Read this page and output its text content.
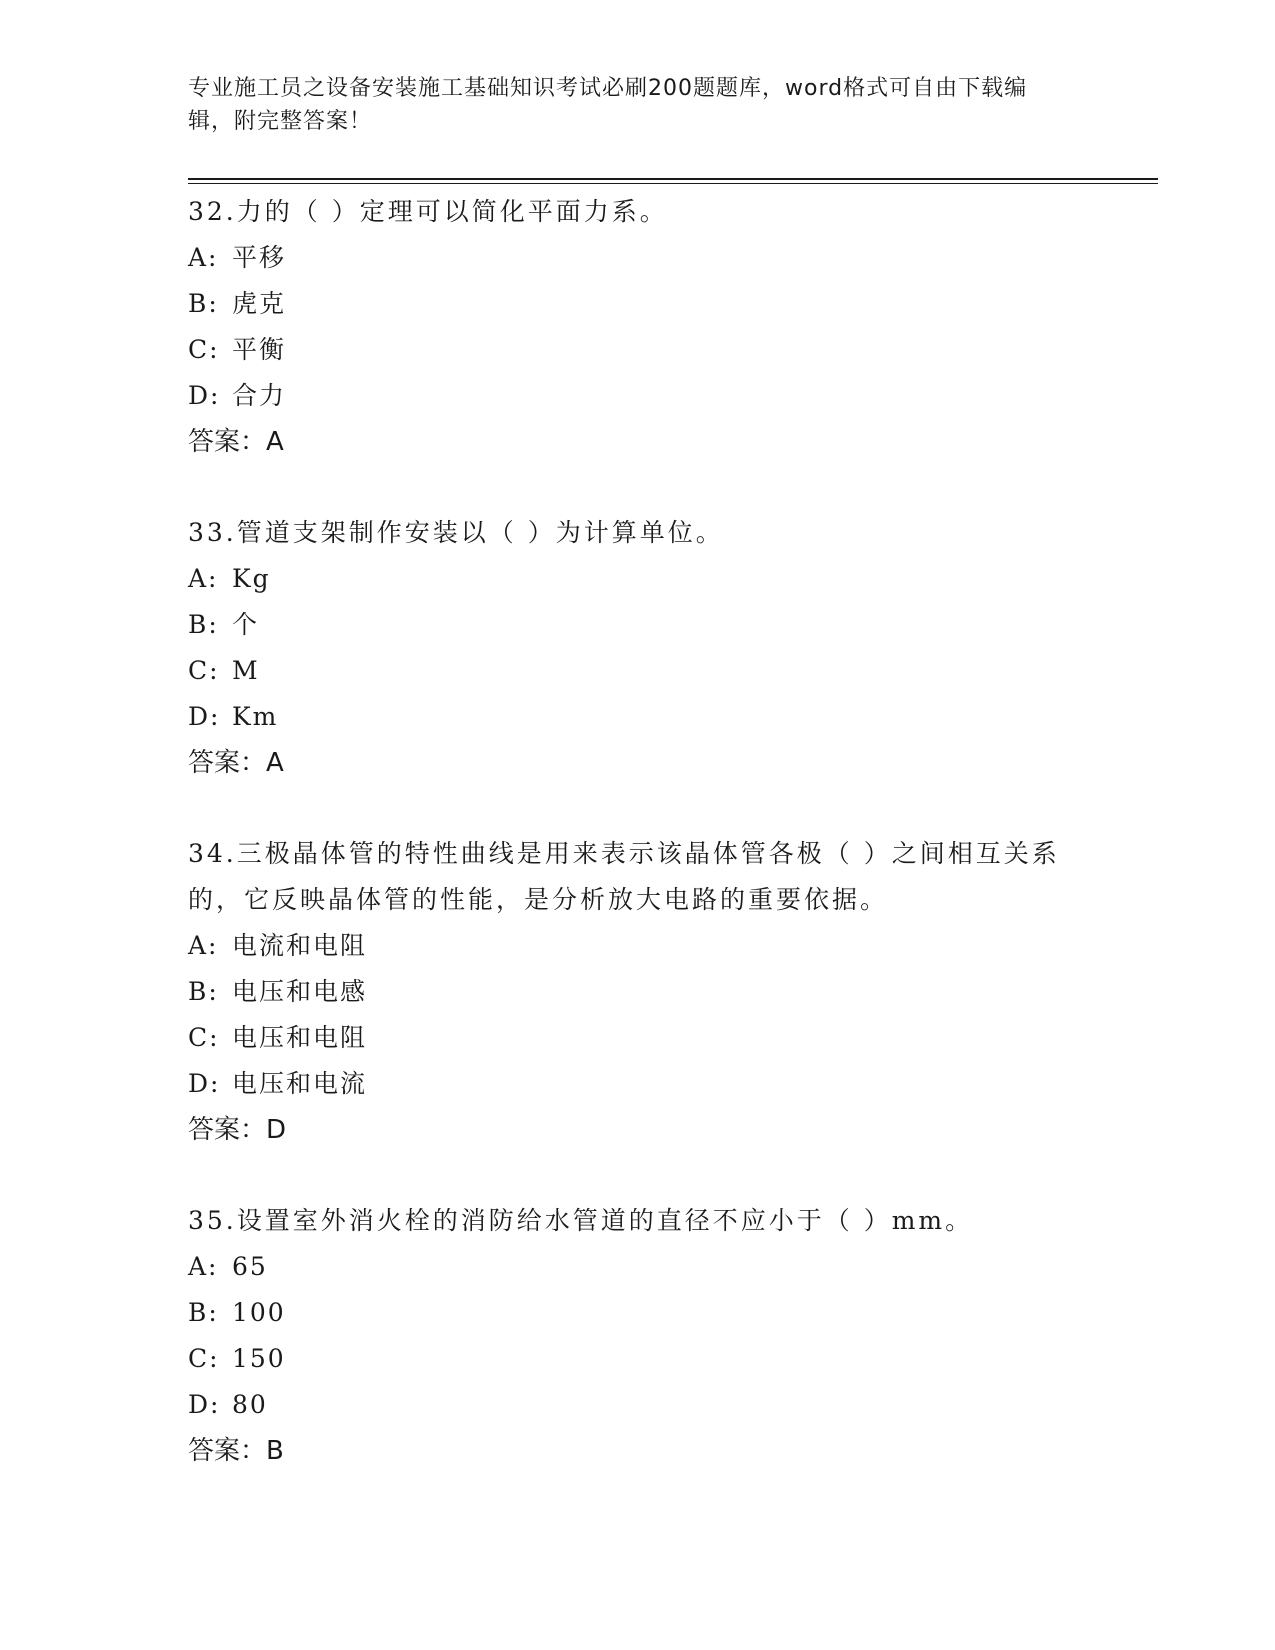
专业施工员之设备安装施工基础知识考试必刷200题题库，word格式可自由下载编辑，附完整答案！
32.力的（ ）定理可以简化平面力系。
A: 平移
B: 虎克
C: 平衡
D: 合力
答案：A
33.管道支架制作安装以（ ）为计算单位。
A: Kg
B: 个
C: M
D: Km
答案：A
34.三极晶体管的特性曲线是用来表示该晶体管各极（ ）之间相互关系的，它反映晶体管的性能，是分析放大电路的重要依据。
A: 电流和电阻
B: 电压和电感
C: 电压和电阻
D: 电压和电流
答案：D
35.设置室外消火栓的消防给水管道的直径不应小于（ ）mm。
A: 65
B: 100
C: 150
D: 80
答案：B
